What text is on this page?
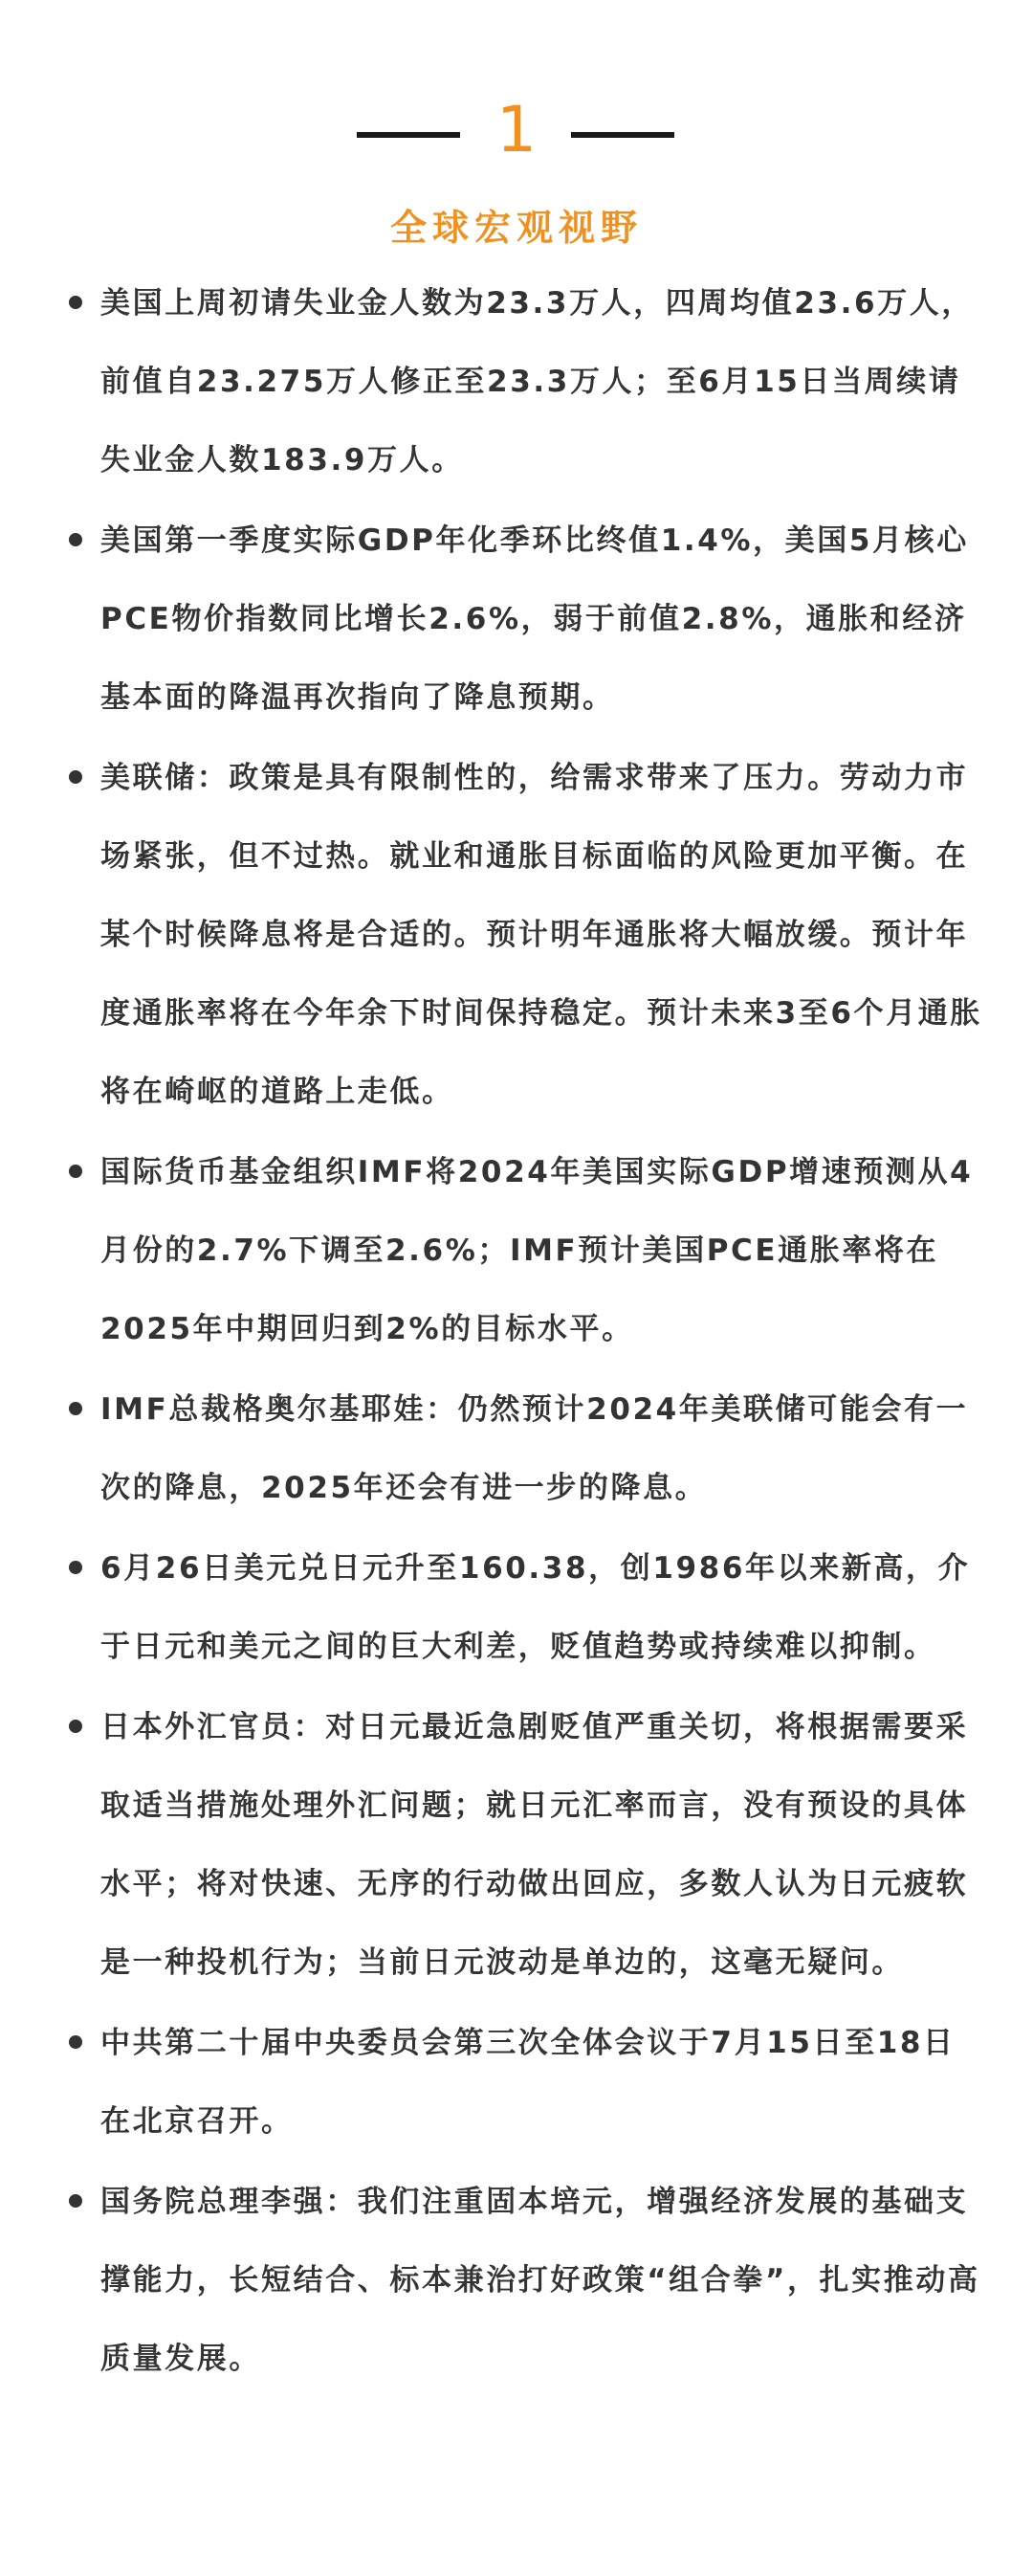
1
全球宏观视野
美国上周初请失业金人数为23.3万人，四周均值23.6万人，前值自23.275万人修正至23.3万人；至6月15日当周续请失业金人数183.9万人。
美国第一季度实际GDP年化季环比终值1.4%，美国5月核心PCE物价指数同比增长2.6%，弱于前值2.8%，通胀和经济基本面的降温再次指向了降息预期。
美联储：政策是具有限制性的，给需求带来了压力。劳动力市场紧张，但不过热。就业和通胀目标面临的风险更加平衡。在某个时候降息将是合适的。预计明年通胀将大幅放缓。预计年度通胀率将在今年余下时间保持稳定。预计未来3至6个月通胀将在崎岖的道路上走低。
国际货币基金组织IMF将2024年美国实际GDP增速预测从4月份的2.7%下调至2.6%；IMF预计美国PCE通胀率将在2025年中期回归到2%的目标水平。
IMF总裁格奥尔基耶娃：仍然预计2024年美联储可能会有一次的降息，2025年还会有进一步的降息。
6月26日美元兑日元升至160.38，创1986年以来新高，介于日元和美元之间的巨大利差，贬值趋势或持续难以抑制。
日本外汇官员：对日元最近急剧贬值严重关切，将根据需要采取适当措施处理外汇问题；就日元汇率而言，没有预设的具体水平；将对快速、无序的行动做出回应，多数人认为日元疲软是一种投机行为；当前日元波动是单边的，这毫无疑问。
中共第二十届中央委员会第三次全体会议于7月15日至18日在北京召开。
国务院总理李强：我们注重固本培元，增强经济发展的基础支撑能力，长短结合、标本兼治打好政策“组合拳”，扎实推动高质量发展。
